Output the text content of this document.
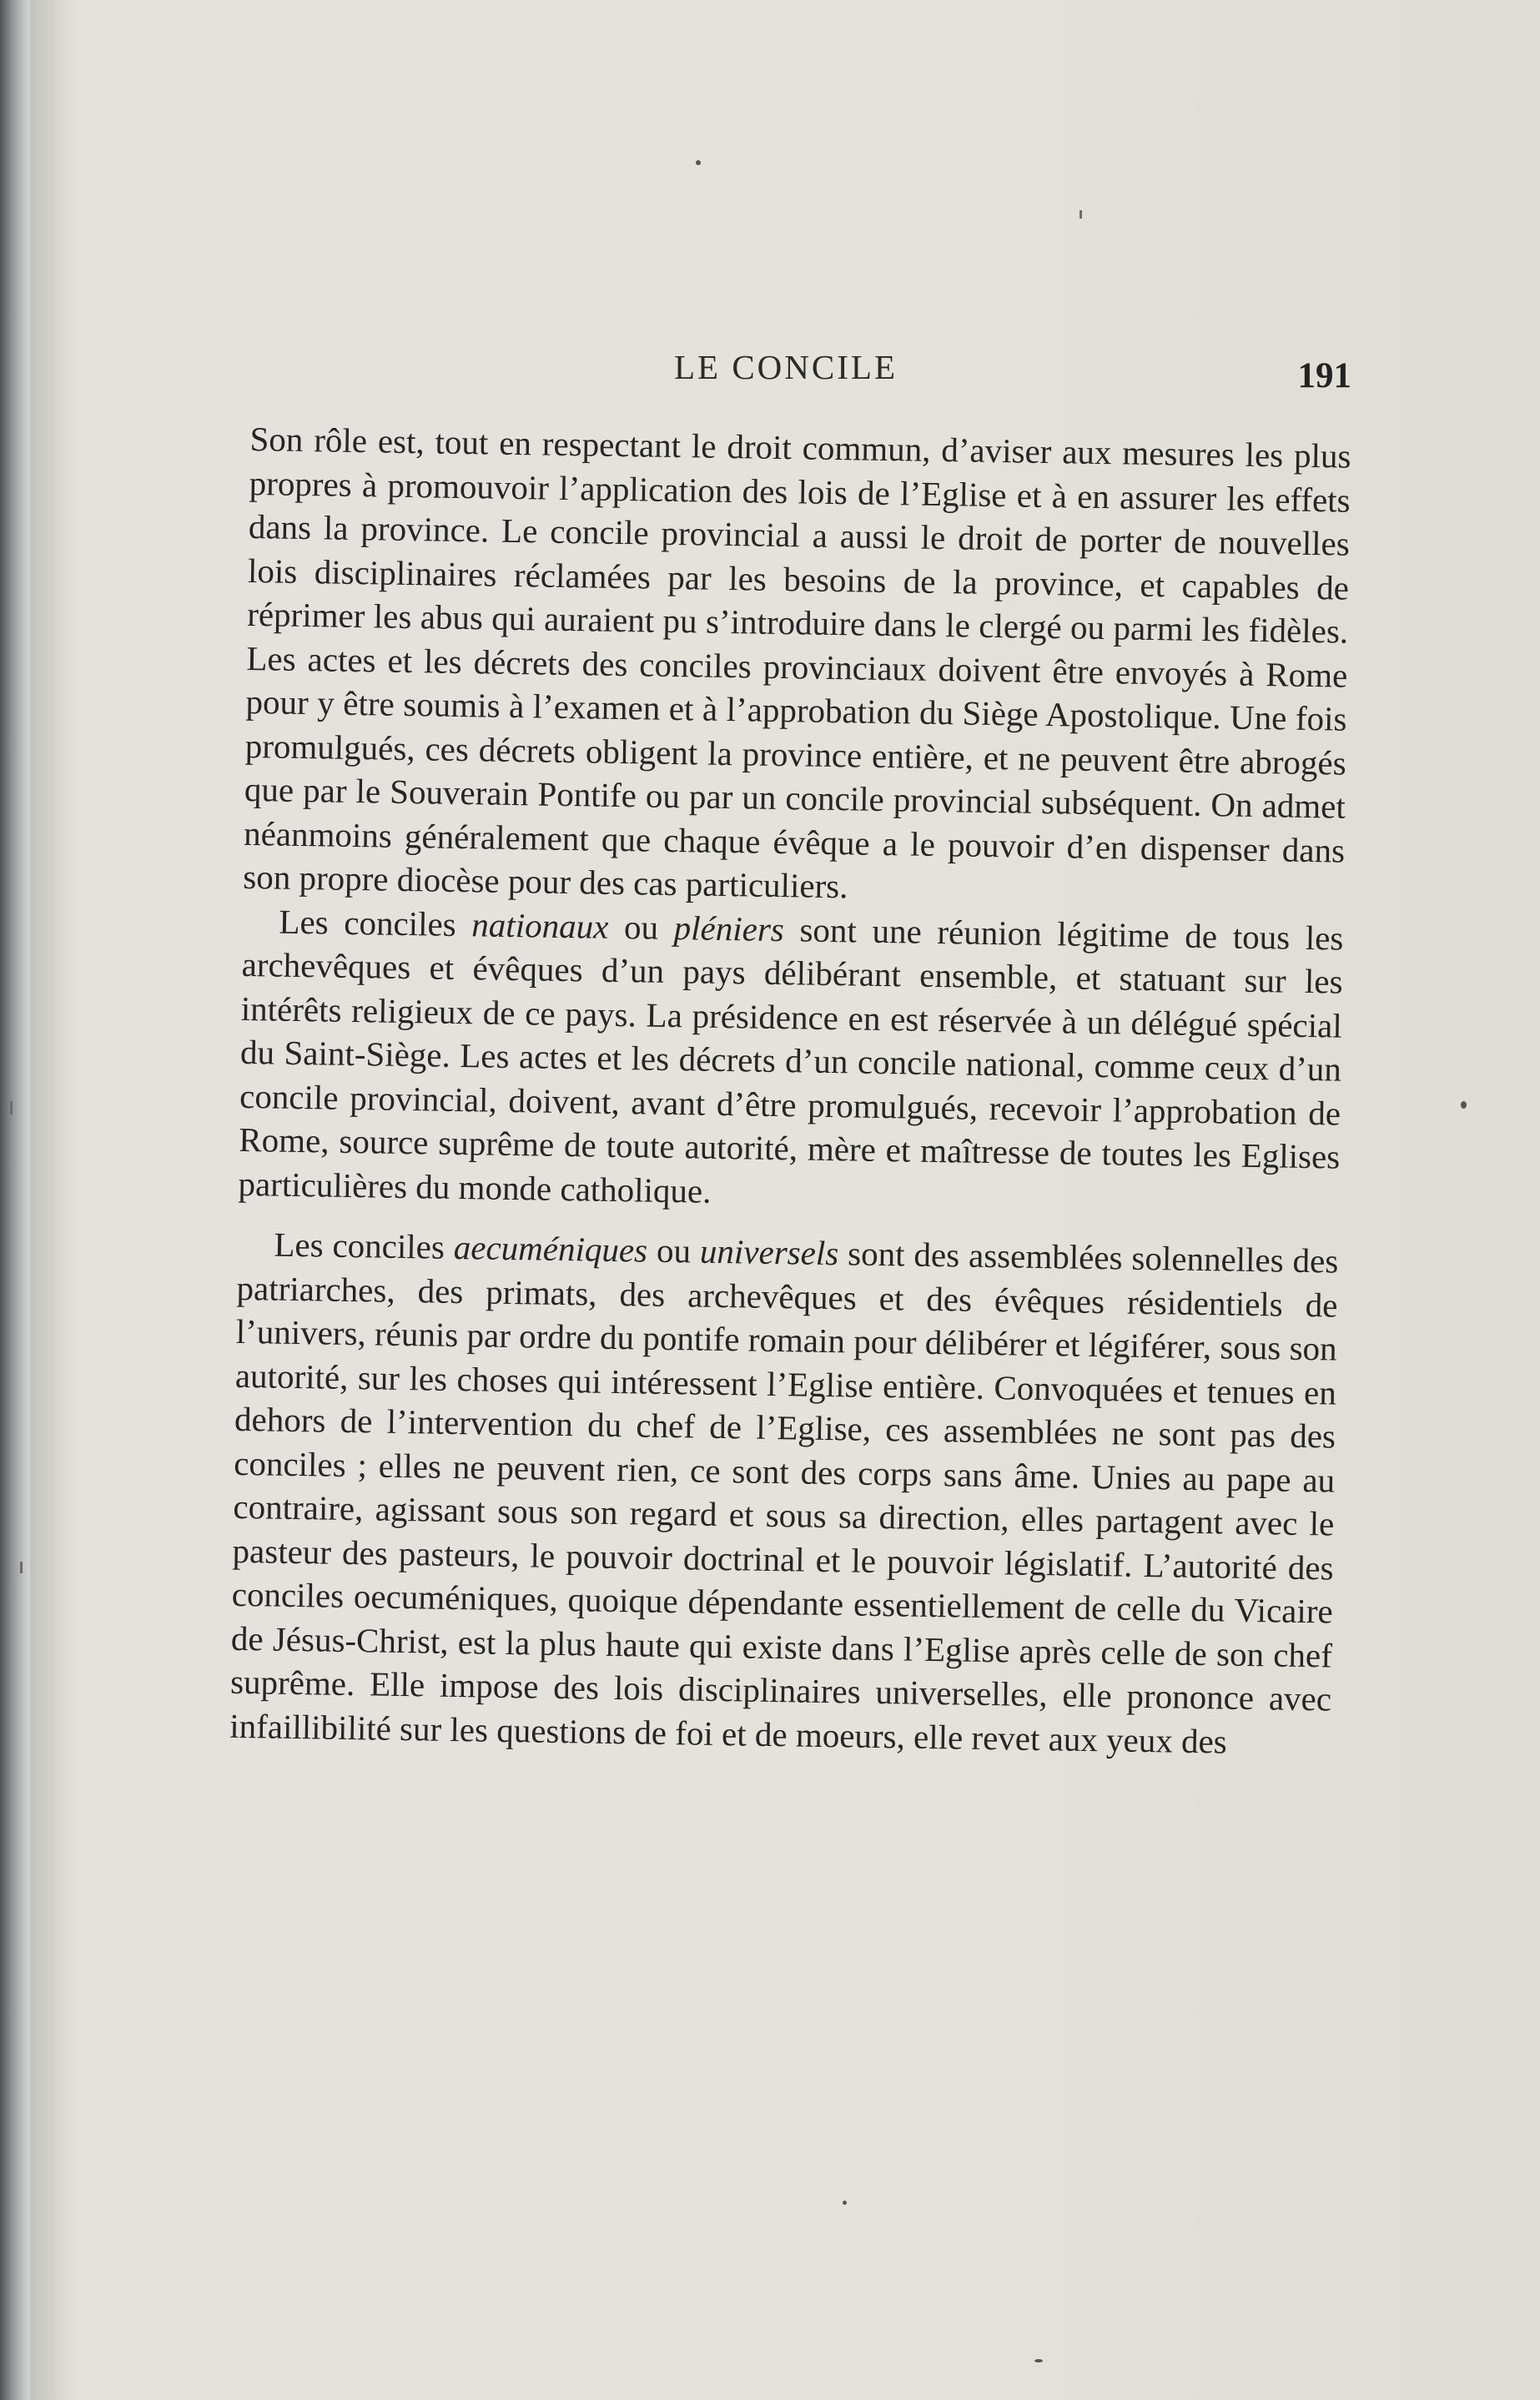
LE CONCILE	191

Son rôle est, tout en respectant le droit commun, d’aviser aux mesures les plus propres à promouvoir l’application des lois de l’Eglise et à en assurer les effets dans la province. Le concile provincial a aussi le droit de porter de nouvelles lois disciplinaires réclamées par les besoins de la province, et capables de réprimer les abus qui auraient pu s’introduire dans le clergé ou parmi les fidèles. Les actes et les décrets des conciles provinciaux doivent être envoyés à Rome pour y être soumis à l’examen et à l’approbation du Siège Apostolique. Une fois promulgués, ces décrets obligent la province entière, et ne peuvent être abrogés que par le Souverain Pontife ou par un concile provincial subséquent. On admet néanmoins généralement que chaque évêque a le pouvoir d’en dispenser dans son propre diocèse pour des cas particuliers.

Les conciles nationaux ou pléniers sont une réunion légitime de tous les archevêques et évêques d’un pays délibérant ensemble, et statuant sur les intérêts religieux de ce pays. La présidence en est réservée à un délégué spécial du Saint-Siège. Les actes et les décrets d’un concile national, comme ceux d’un concile provincial, doivent, avant d’être promulgués, recevoir l’approbation de Rome, source suprême de toute autorité, mère et maîtresse de toutes les Eglises particulières du monde catholique.

Les conciles aecuméniques ou universels sont des assemblées solennelles des patriarches, des primats, des archevêques et des évêques résidentiels de l’univers, réunis par ordre du pontife romain pour délibérer et légiférer, sous son autorité, sur les choses qui intéressent l’Eglise entière. Convoquées et tenues en dehors de l’intervention du chef de l’Eglise, ces assemblées ne sont pas des conciles ; elles ne peuvent rien, ce sont des corps sans âme. Unies au pape au contraire, agissant sous son regard et sous sa direction, elles partagent avec le pasteur des pasteurs, le pouvoir doctrinal et le pouvoir législatif. L’autorité des conciles oecuméniques, quoique dépendante essentiellement de celle du Vicaire de Jésus-Christ, est la plus haute qui existe dans l’Eglise après celle de son chef suprême. Elle impose des lois disciplinaires universelles, elle prononce avec infaillibilité sur les questions de foi et de moeurs, elle revet aux yeux des
